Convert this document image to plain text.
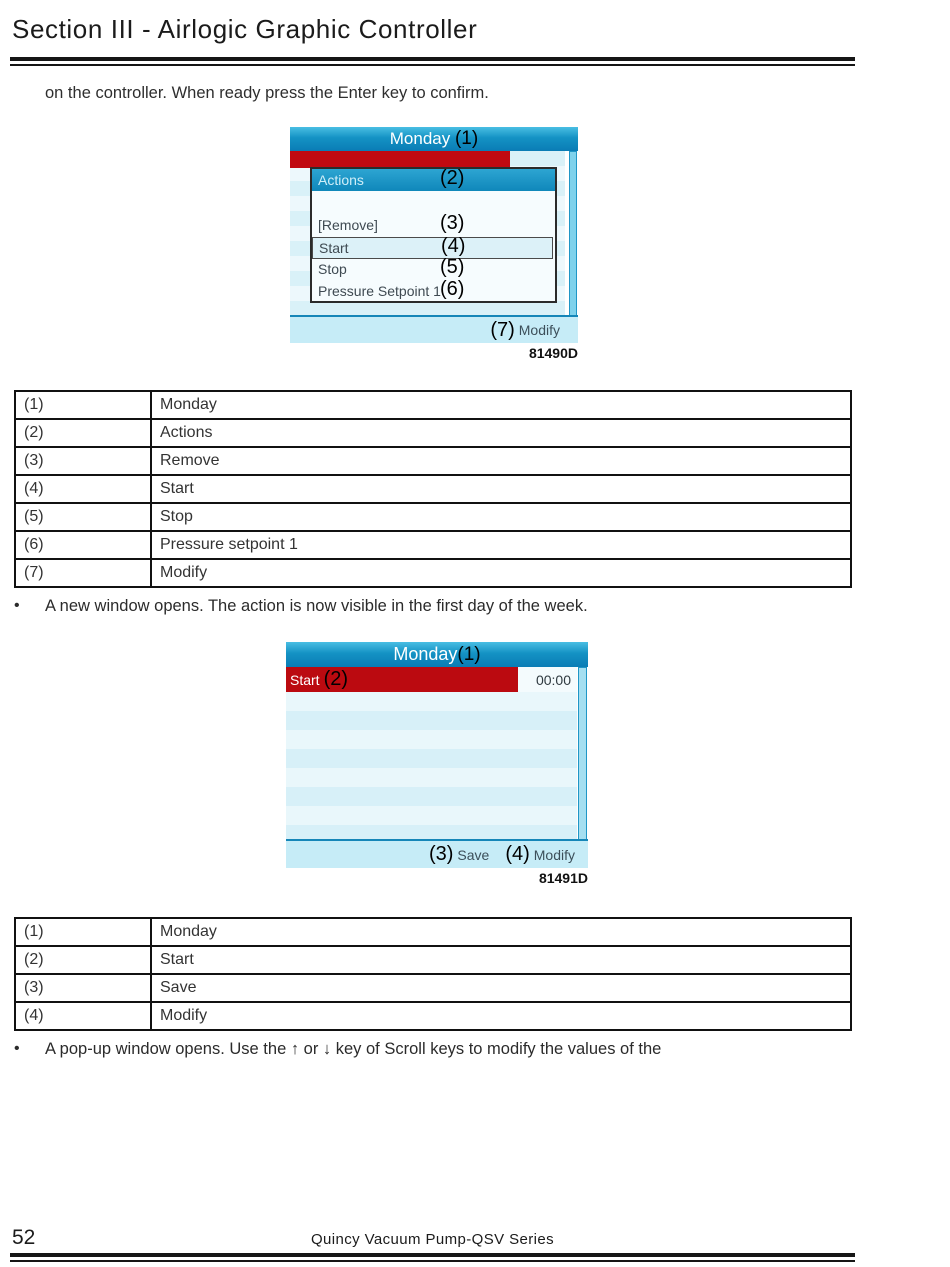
Section III - Airlogic Graphic Controller
on the controller. When ready press the Enter key to confirm.
Monday (1)
Actions	(2)
[Remove]	(3)
Start	(4)
Stop	(5)
Pressure Setpoint 1 (6)
(7) Modify
81490D
(1)	Monday
(2)	Actions
(3)	Remove
(4)	Start
(5)	Stop
(6)	Pressure setpoint 1
(7)	Modify
•	A new window opens. The action is now visible in the first day of the week.
Monday(1)
Start (2)	00:00
(3) Save (4) Modify
81491D
(1)	Monday
(2)	Start
(3)	Save
(4)	Modify
•	A pop-up window opens. Use the ↑ or ↓ key of Scroll keys to modify the values of the
52	Quincy Vacuum Pump-QSV Series
